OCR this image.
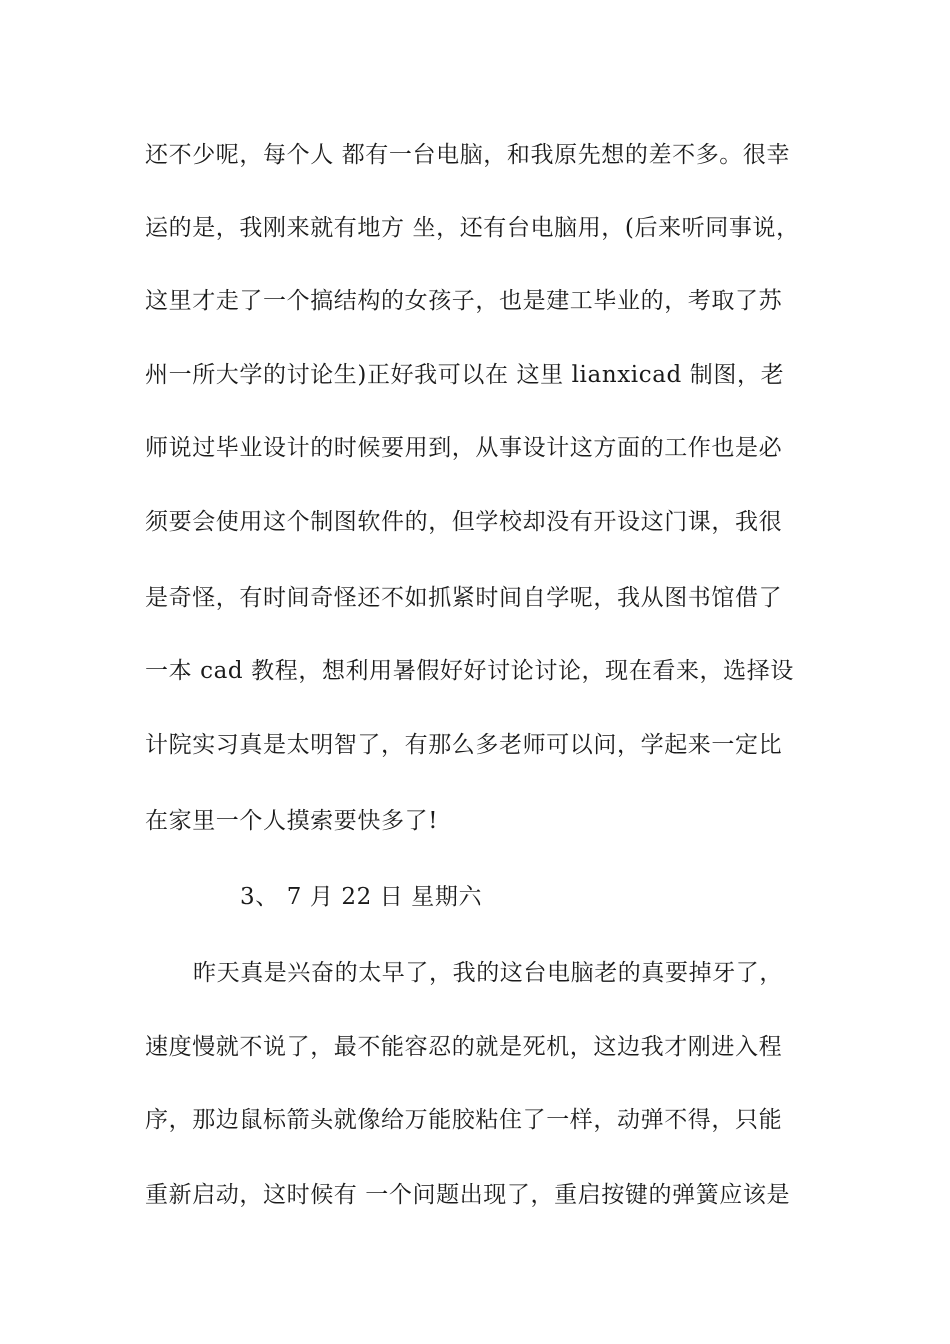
还不少呢，每个人 都有一台电脑，和我原先想的差不多。很幸
运的是，我刚来就有地方 坐，还有台电脑用，(后来听同事说，
这里才走了一个搞结构的女孩子，也是建工毕业的，考取了苏
州一所大学的讨论生)正好我可以在 这里 lianxicad 制图，老
师说过毕业设计的时候要用到，从事设计这方面的工作也是必
须要会使用这个制图软件的，但学校却没有开设这门课，我很
是奇怪，有时间奇怪还不如抓紧时间自学呢，我从图书馆借了
一本 cad 教程，想利用暑假好好讨论讨论，现在看来，选择设
计院实习真是太明智了，有那么多老师可以问，学起来一定比
在家里一个人摸索要快多了!
3、 7 月 22 日 星期六
昨天真是兴奋的太早了，我的这台电脑老的真要掉牙了，
速度慢就不说了，最不能容忍的就是死机，这边我才刚进入程
序，那边鼠标箭头就像给万能胶粘住了一样，动弹不得，只能
重新启动，这时候有 一个问题出现了，重启按键的弹簧应该是
